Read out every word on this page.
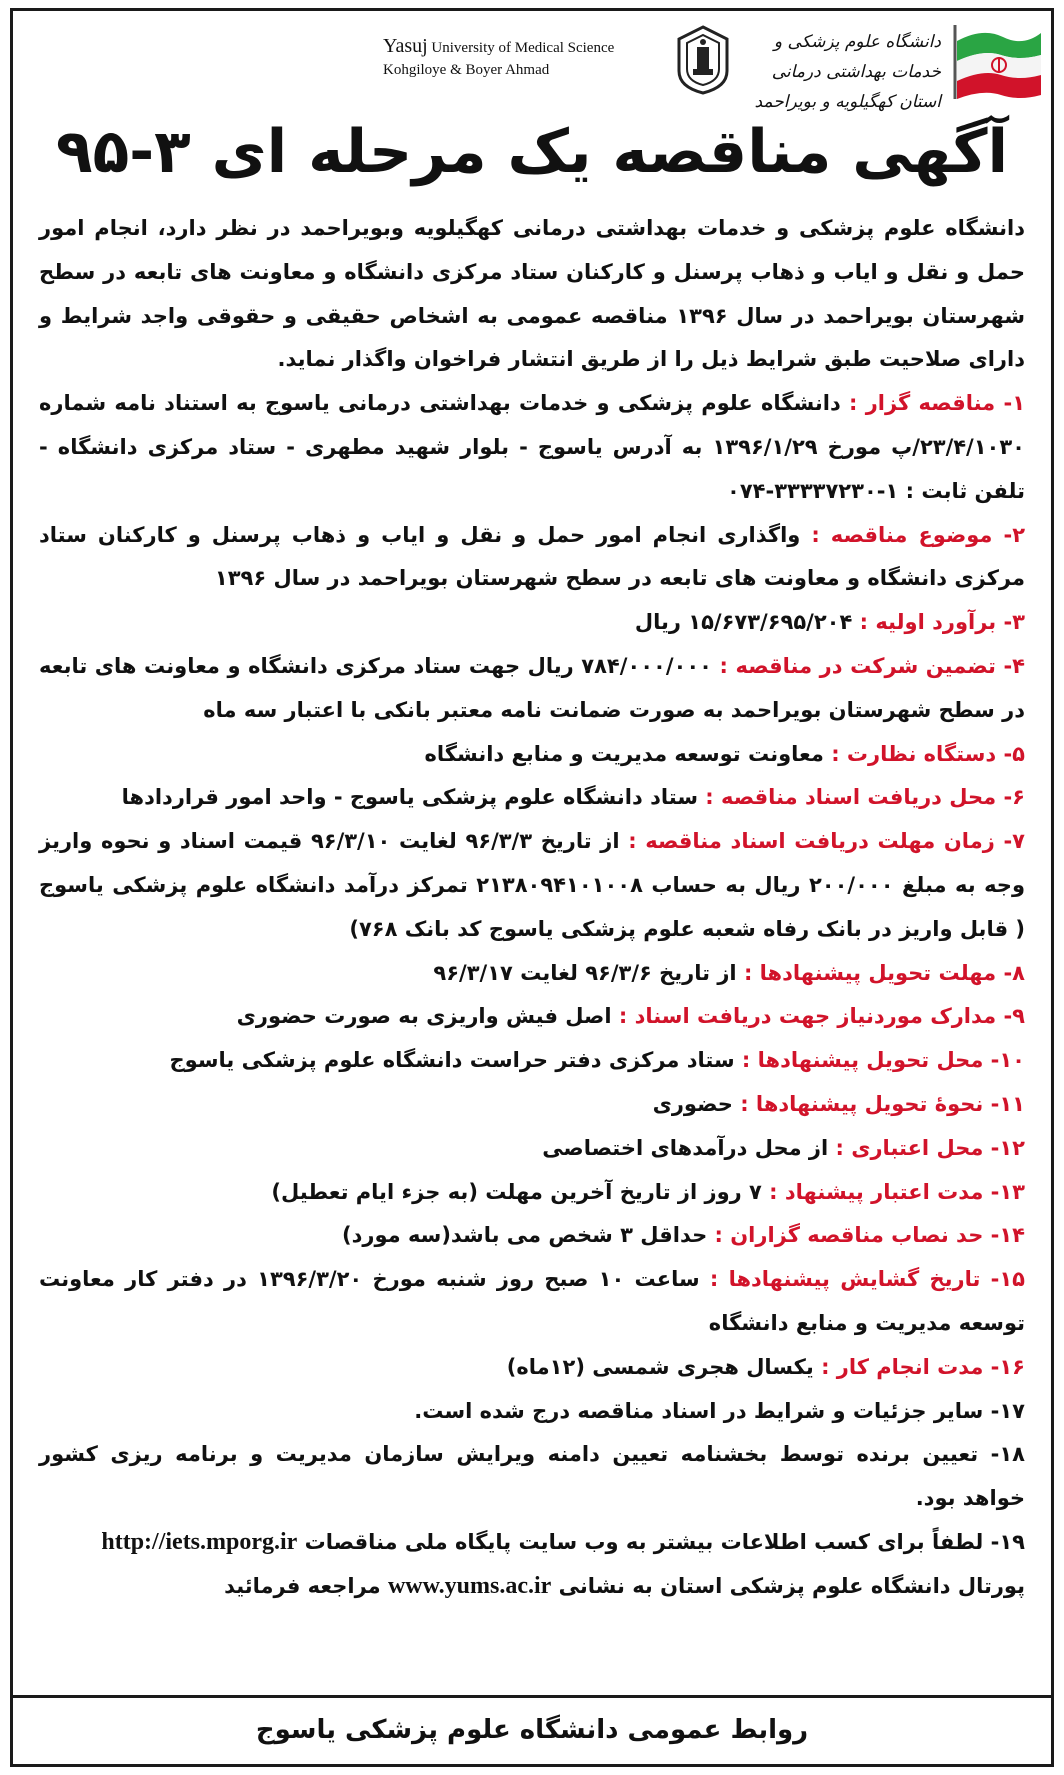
دانشگاه علوم پزشکی و خدمات بهداشتی درمانی
استان کهگیلویه و بویراحمد
Yasuj University of Medical Science
Kohgiloye & Boyer Ahmad
آگهی مناقصه یک مرحله ای ۳-۹۵

دانشگاه علوم پزشکی و خدمات بهداشتی درمانی کهگیلویه وبویراحمد در نظر دارد، انجام امور حمل و نقل و ایاب و ذهاب پرسنل و کارکنان ستاد مرکزی دانشگاه و معاونت های تابعه در سطح شهرستان بویراحمد در سال ۱۳۹۶ مناقصه عمومی به اشخاص حقیقی و حقوقی واجد شرایط و دارای صلاحیت طبق شرایط ذیل را از طریق انتشار فراخوان واگذار نماید.

۱- مناقصه گزار : دانشگاه علوم پزشکی و خدمات بهداشتی درمانی یاسوج به استناد نامه شماره ۲۳/۴/۱۰۳۰/پ مورخ ۱۳۹۶/۱/۲۹ به آدرس یاسوج - بلوار شهید مطهری - ستاد مرکزی دانشگاه - تلفن ثابت : ۱-۳۳۳۳۷۲۳۰-۰۷۴

۲- موضوع مناقصه : واگذاری انجام امور حمل و نقل و ایاب و ذهاب پرسنل و کارکنان ستاد مرکزی دانشگاه و معاونت های تابعه در سطح شهرستان بویراحمد در سال ۱۳۹۶

۳- برآورد اولیه : ۱۵/۶۷۳/۶۹۵/۲۰۴ ریال

۴- تضمین شرکت در مناقصه : ۷۸۴/۰۰۰/۰۰۰ ریال جهت ستاد مرکزی دانشگاه و معاونت های تابعه در سطح شهرستان بویراحمد به صورت ضمانت نامه معتبر بانکی با اعتبار سه ماه

۵- دستگاه نظارت : معاونت توسعه مدیریت و منابع دانشگاه

۶- محل دریافت اسناد مناقصه : ستاد دانشگاه علوم پزشکی یاسوج - واحد امور قراردادها

۷- زمان مهلت دریافت اسناد مناقصه : از تاریخ ۹۶/۳/۳ لغایت ۹۶/۳/۱۰ قیمت اسناد و نحوه واریز وجه به مبلغ ۲۰۰/۰۰۰ ریال به حساب ۲۱۳۸۰۹۴۱۰۱۰۰۸ تمرکز درآمد دانشگاه علوم پزشکی یاسوج ( قابل واریز در بانک رفاه شعبه علوم پزشکی یاسوج کد بانک ۷۶۸)

۸- مهلت تحویل پیشنهادها : از تاریخ ۹۶/۳/۶ لغایت ۹۶/۳/۱۷

۹- مدارک موردنیاز جهت دریافت اسناد : اصل فیش واریزی به صورت حضوری

۱۰- محل تحویل پیشنهادها : ستاد مرکزی دفتر حراست دانشگاه علوم پزشکی یاسوج

۱۱- نحوهٔ تحویل پیشنهادها : حضوری

۱۲- محل اعتباری : از محل درآمدهای اختصاصی

۱۳- مدت اعتبار پیشنهاد : ۷ روز از تاریخ آخرین مهلت (به جزء ایام تعطیل)

۱۴- حد نصاب مناقصه گزاران : حداقل ۳ شخص می باشد(سه مورد)

۱۵- تاریخ گشایش پیشنهادها : ساعت ۱۰ صبح روز شنبه مورخ ۱۳۹۶/۳/۲۰ در دفتر کار معاونت توسعه مدیریت و منابع دانشگاه

۱۶- مدت انجام کار : یکسال هجری شمسی (۱۲ماه)

۱۷- سایر جزئیات و شرایط در اسناد مناقصه درج شده است.

۱۸- تعیین برنده توسط بخشنامه تعیین دامنه ویرایش سازمان مدیریت و برنامه ریزی کشور خواهد بود.

۱۹- لطفاً برای کسب اطلاعات بیشتر به وب سایت پایگاه ملی مناقصات http://iets.mporg.ir
پورتال دانشگاه علوم پزشکی استان به نشانی www.yums.ac.ir مراجعه فرمائید

روابط عمومی دانشگاه علوم پزشکی یاسوج
